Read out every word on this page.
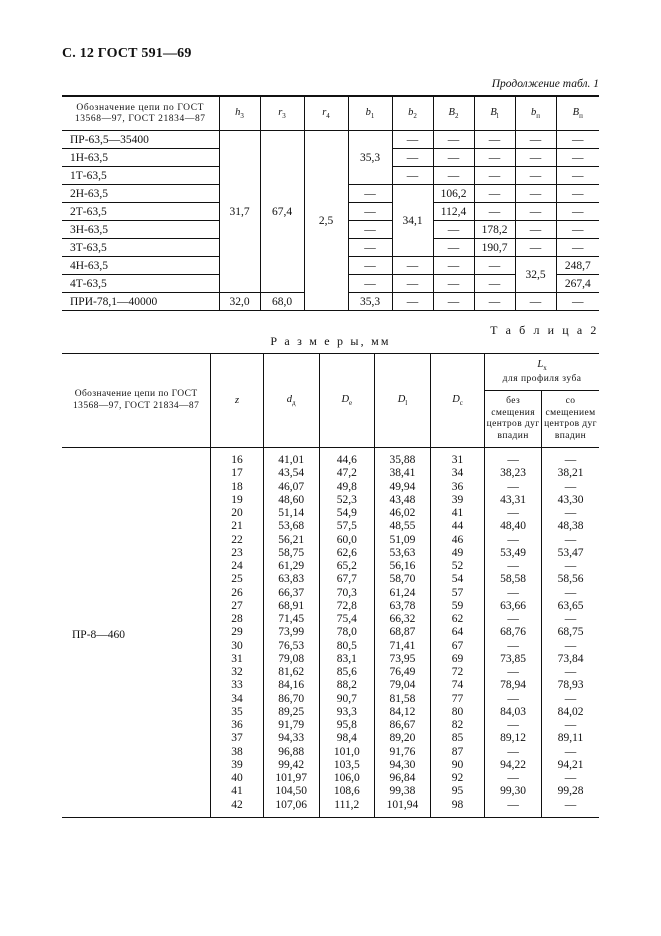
С. 12 ГОСТ 591—69
Продолжение табл. 1
Обозначение цепи по ГОСТ 13568—97, ГОСТ 21834—87	$h_3$	$r_3$	$r_4$	$b_1$	$b_2$	$B_2$	$B_l$	$b_п$	$B_п$
ПР-63,5—35400	31,7	67,4	2,5	35,3	—	—	—	—	—
1Н-63,5					—	—	—	—	—
1Т-63,5					—	—	—	—	—
2Н-63,5				—	34,1	106,2	—	—	—
2Т-63,5				—		112,4	—	—	—
3Н-63,5				—		—	178,2	—	—
3Т-63,5				—		—	190,7	—	—
4Н-63,5				—	—	—	—	32,5	248,7
4Т-63,5				—	—	—	—		267,4
ПРИ-78,1—40000	32,0	68,0		35,3	—	—	—	—	—
Т а б л и ц а 2
Р а з м е р ы, мм
Обозначение цепи по ГОСТ 13568—97, ГОСТ 21834—87	z	$d_д$	$D_e$	$D_l$	$D_c$	$L_x$
для профиля зуба	

						без смещения центров дуг впадин	со смещением центров дуг впадин

ПР-8—460	16	41,01	44,6	35,88	31	—	—
	17	43,54	47,2	38,41	34	38,23	38,21
	18	46,07	49,8	49,94	36	—	—
	19	48,60	52,3	43,48	39	43,31	43,30
	20	51,14	54,9	46,02	41	—	—
	21	53,68	57,5	48,55	44	48,40	48,38
	22	56,21	60,0	51,09	46	—	—
	23	58,75	62,6	53,63	49	53,49	53,47
	24	61,29	65,2	56,16	52	—	—
	25	63,83	67,7	58,70	54	58,58	58,56
	26	66,37	70,3	61,24	57	—	—
	27	68,91	72,8	63,78	59	63,66	63,65
	28	71,45	75,4	66,32	62	—	—
	29	73,99	78,0	68,87	64	68,76	68,75
	30	76,53	80,5	71,41	67	—	—
	31	79,08	83,1	73,95	69	73,85	73,84
	32	81,62	85,6	76,49	72	—	—
	33	84,16	88,2	79,04	74	78,94	78,93
	34	86,70	90,7	81,58	77	—	—
	35	89,25	93,3	84,12	80	84,03	84,02
	36	91,79	95,8	86,67	82	—	—
	37	94,33	98,4	89,20	85	89,12	89,11
	38	96,88	101,0	91,76	87	—	—
	39	99,42	103,5	94,30	90	94,22	94,21
	40	101,97	106,0	96,84	92	—	—
	41	104,50	108,6	99,38	95	99,30	99,28
	42	107,06	111,2	101,94	98	—	—
